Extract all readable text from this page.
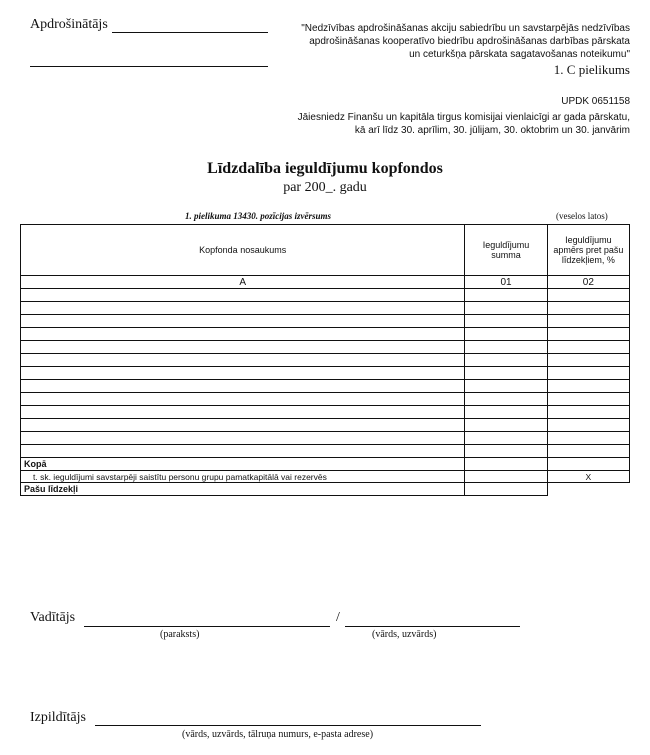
Apdrošinātājs	"Nedzīvības apdrošināšanas akciju sabiedrību un savstarpējās nedzīvības
apdrošināšanas kooperatīvo biedrību apdrošināšanas darbības pārskata
un ceturkšņa pārskata sagatavošanas noteikumu"
1. C pielikums
UPDK 0651158
Jāiesniedz Finanšu un kapitāla tirgus komisijai vienlaicīgi ar gada pārskatu,
kā arī līdz 30. aprīlim, 30. jūlijam, 30. oktobrim un 30. janvārim
Līdzdalība ieguldījumu kopfondos
par 200_. gadu
1. pielikuma 13430. pozīcijas izvērsums	(veselos latos)
Kopfonda nosaukums	Ieguldījumu summa	Ieguldījumu apmērs pret pašu līdzekļiem, %
A	01	02

Kopā		
t. sk. ieguldījumi savstarpēji saistītu personu grupu pamatkapitālā vai rezervēs		X
Pašu līdzekļi		
Vadītājs	/
(paraksts)	(vārds, uzvārds)
Izpildītājs
(vārds, uzvārds, tālruņa numurs, e-pasta adrese)
